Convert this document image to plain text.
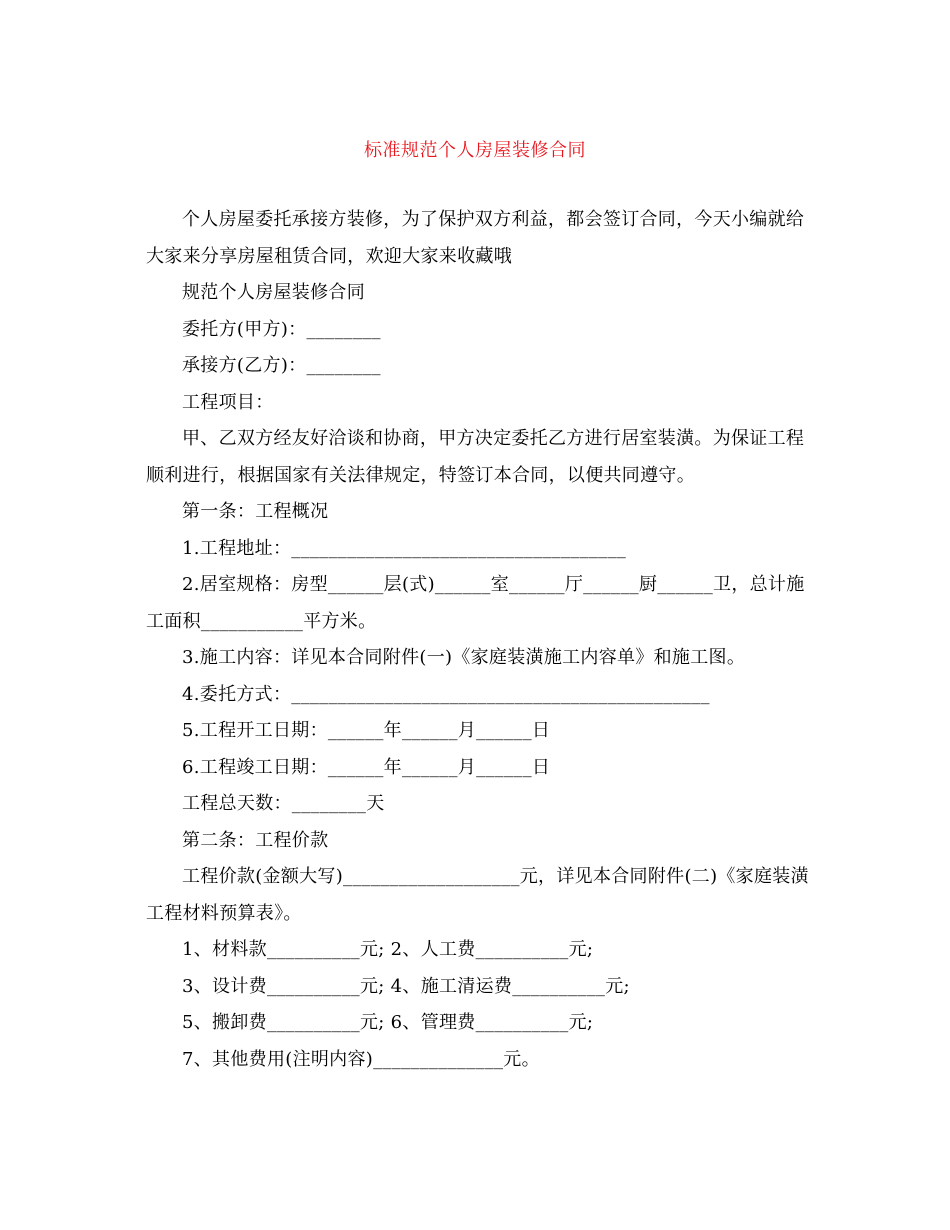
标准规范个人房屋装修合同

个人房屋委托承接方装修，为了保护双方利益，都会签订合同，今天小编就给大家来分享房屋租赁合同，欢迎大家来收藏哦

规范个人房屋装修合同

委托方(甲方)：________

承接方(乙方)：________

工程项目：

甲、乙双方经友好洽谈和协商，甲方决定委托乙方进行居室装潢。为保证工程顺利进行，根据国家有关法律规定，特签订本合同，以便共同遵守。

第一条：工程概况

1.工程地址：____________________________________

2.居室规格：房型______层(式)______室______厅______厨______卫，总计施工面积___________平方米。

3.施工内容：详见本合同附件(一)《家庭装潢施工内容单》和施工图。

4.委托方式：_____________________________________________

5.工程开工日期：______年______月______日

6.工程竣工日期：______年______月______日

工程总天数：________天

第二条：工程价款

工程价款(金额大写)___________________元，详见本合同附件(二)《家庭装潢工程材料预算表》。

1、材料款__________元; 2、人工费__________元;

3、设计费__________元; 4、施工清运费__________元;

5、搬卸费__________元; 6、管理费__________元;

7、其他费用(注明内容)______________元。
